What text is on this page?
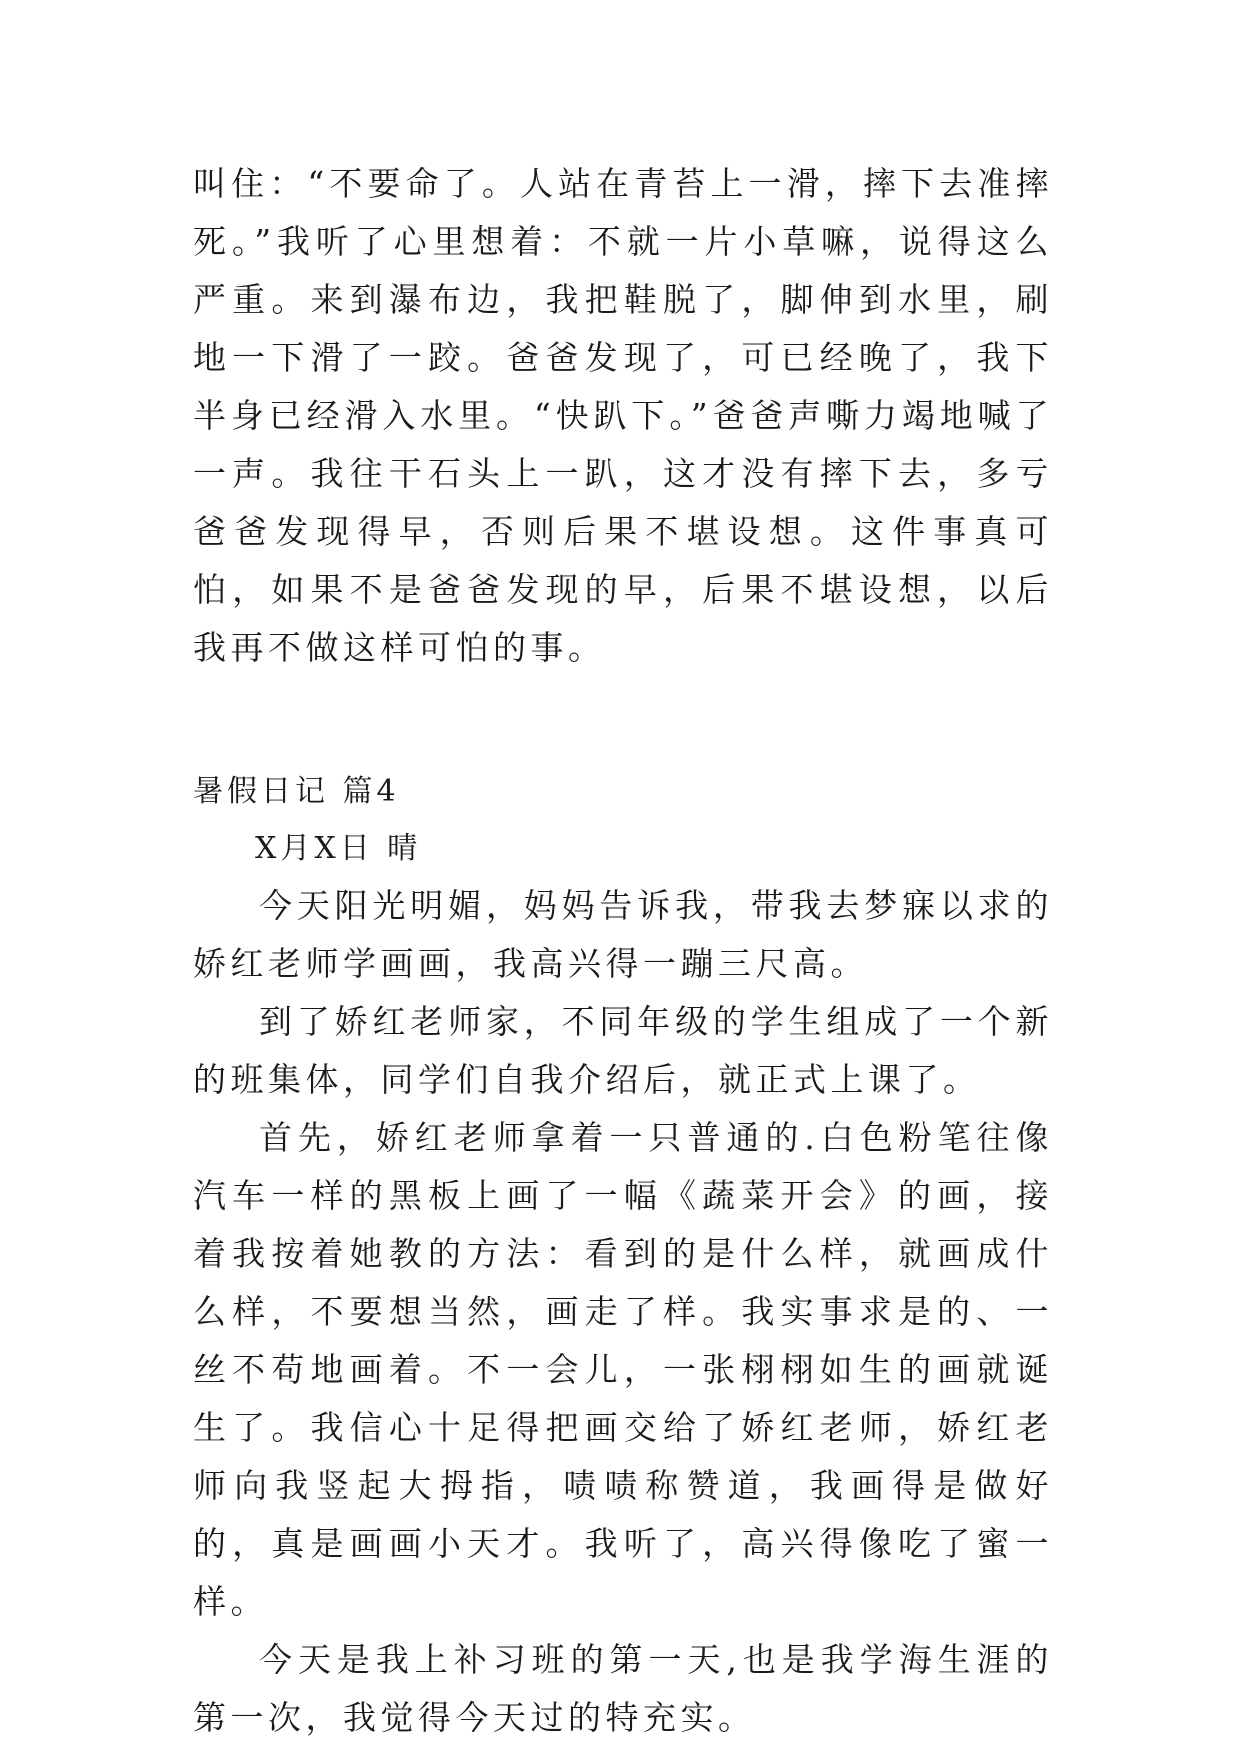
叫住：“不要命了。人站在青苔上一滑，摔下去准摔死。”我听了心里想着：不就一片小草嘛，说得这么严重。来到瀑布边，我把鞋脱了，脚伸到水里，刷地一下滑了一跤。爸爸发现了，可已经晚了，我下半身已经滑入水里。“快趴下。”爸爸声嘶力竭地喊了一声。我往干石头上一趴，这才没有摔下去，多亏爸爸发现得早，否则后果不堪设想。这件事真可怕，如果不是爸爸发现的早，后果不堪设想，以后我再不做这样可怕的事。

暑假日记 篇4

X月X日 晴

今天阳光明媚，妈妈告诉我，带我去梦寐以求的娇红老师学画画，我高兴得一蹦三尺高。

到了娇红老师家，不同年级的学生组成了一个新的班集体，同学们自我介绍后，就正式上课了。

首先，娇红老师拿着一只普通的.白色粉笔往像汽车一样的黑板上画了一幅《蔬菜开会》的画，接着我按着她教的方法：看到的是什么样，就画成什么样，不要想当然，画走了样。我实事求是的、一丝不苟地画着。不一会儿，一张栩栩如生的画就诞生了。我信心十足得把画交给了娇红老师，娇红老师向我竖起大拇指，啧啧称赞道，我画得是做好的，真是画画小天才。我听了，高兴得像吃了蜜一样。

今天是我上补习班的第一天,也是我学海生涯的第一次，我觉得今天过的特充实。
